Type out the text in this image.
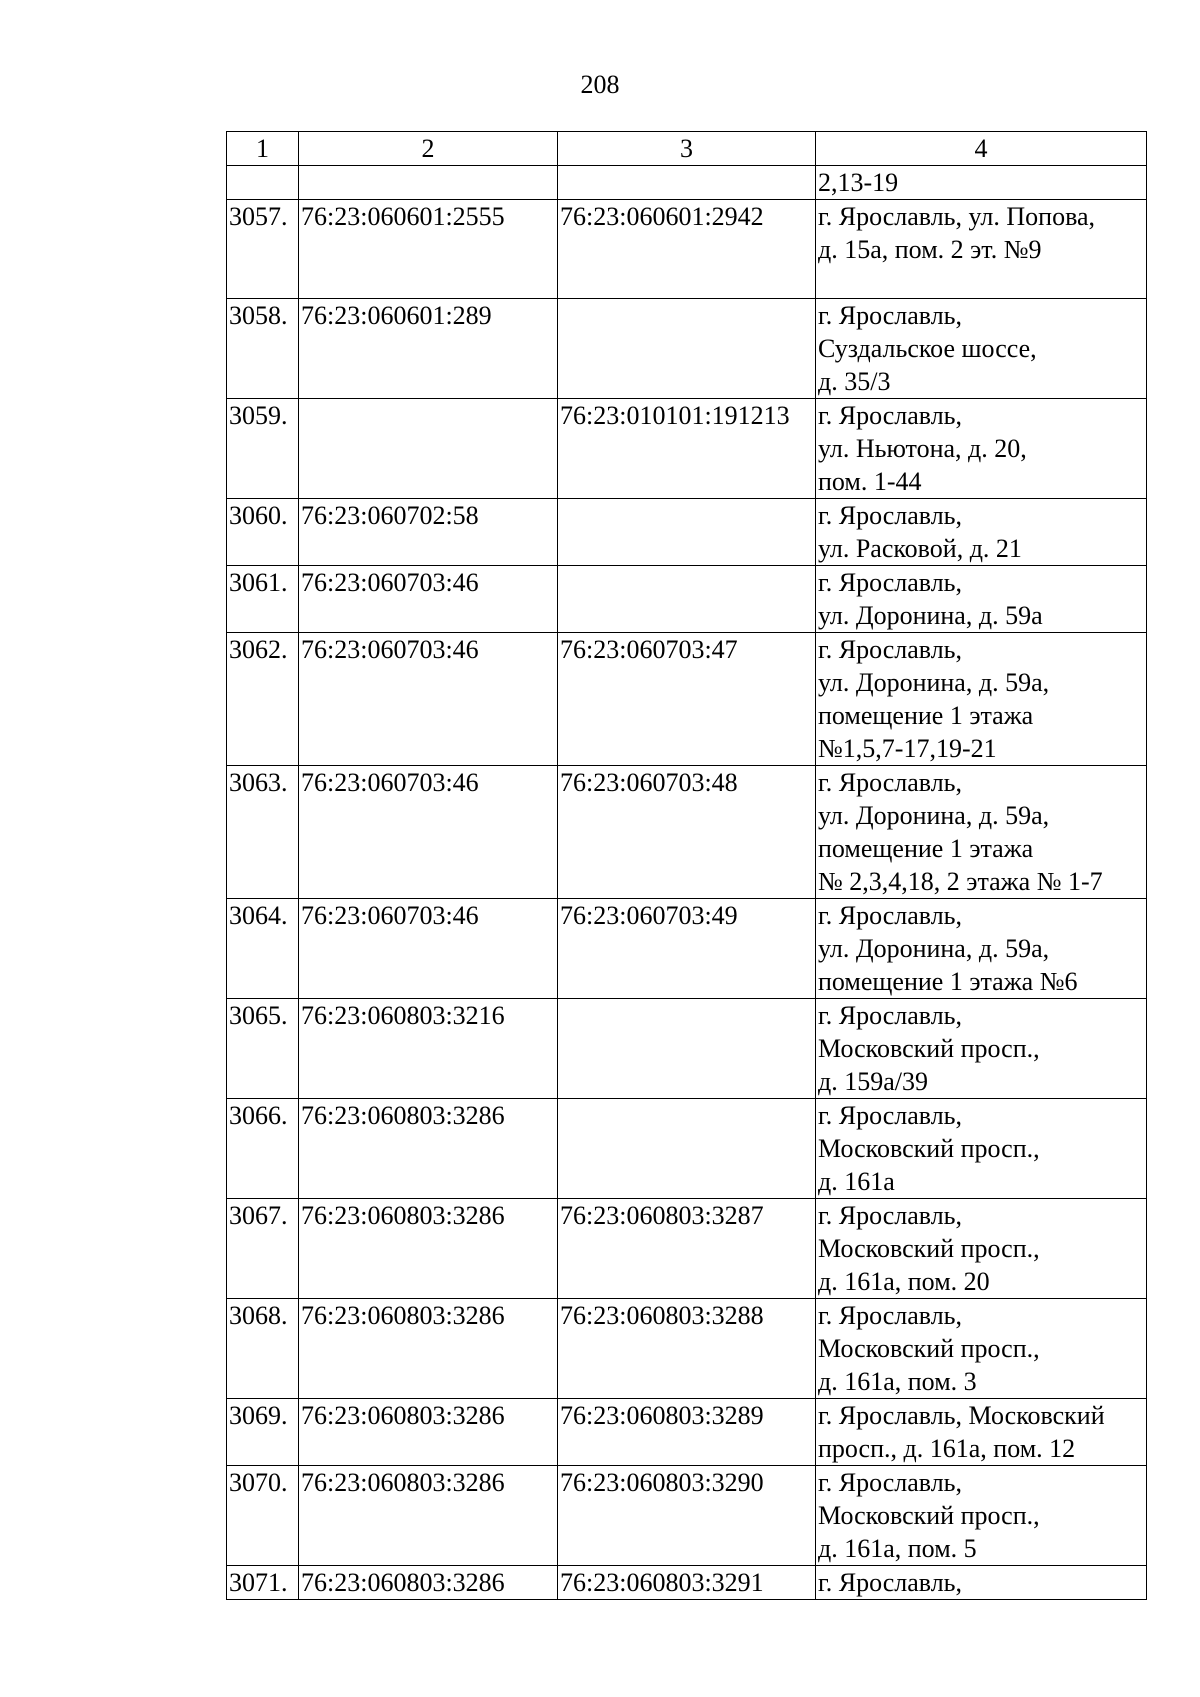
208
1	2	3	4

			2,13-19

3057.	76:23:060601:2555	76:23:060601:2942	г. Ярославль, ул. Попова,
д. 15а, пом. 2 эт. №9

3058.	76:23:060601:289		г. Ярославль,
Суздальское шоссе,
д. 35/3

3059.		76:23:010101:191213	г. Ярославль,
ул. Ньютона, д. 20,
пом. 1-44

3060.	76:23:060702:58		г. Ярославль,
ул. Расковой, д. 21

3061.	76:23:060703:46		г. Ярославль,
ул. Доронина, д. 59а

3062.	76:23:060703:46	76:23:060703:47	г. Ярославль,
ул. Доронина, д. 59а,
помещение 1 этажа
№1,5,7-17,19-21

3063.	76:23:060703:46	76:23:060703:48	г. Ярославль,
ул. Доронина, д. 59а,
помещение 1 этажа
№ 2,3,4,18, 2 этажа № 1-7

3064.	76:23:060703:46	76:23:060703:49	г. Ярославль,
ул. Доронина, д. 59а,
помещение 1 этажа №6

3065.	76:23:060803:3216		г. Ярославль,
Московский просп.,
д. 159а/39

3066.	76:23:060803:3286		г. Ярославль,
Московский просп.,
д. 161а

3067.	76:23:060803:3286	76:23:060803:3287	г. Ярославль,
Московский просп.,
д. 161а, пом. 20

3068.	76:23:060803:3286	76:23:060803:3288	г. Ярославль,
Московский просп.,
д. 161а, пом. 3

3069.	76:23:060803:3286	76:23:060803:3289	г. Ярославль, Московский
просп., д. 161а, пом. 12

3070.	76:23:060803:3286	76:23:060803:3290	г. Ярославль,
Московский просп.,
д. 161а, пом. 5

3071.	76:23:060803:3286	76:23:060803:3291	г. Ярославль,
